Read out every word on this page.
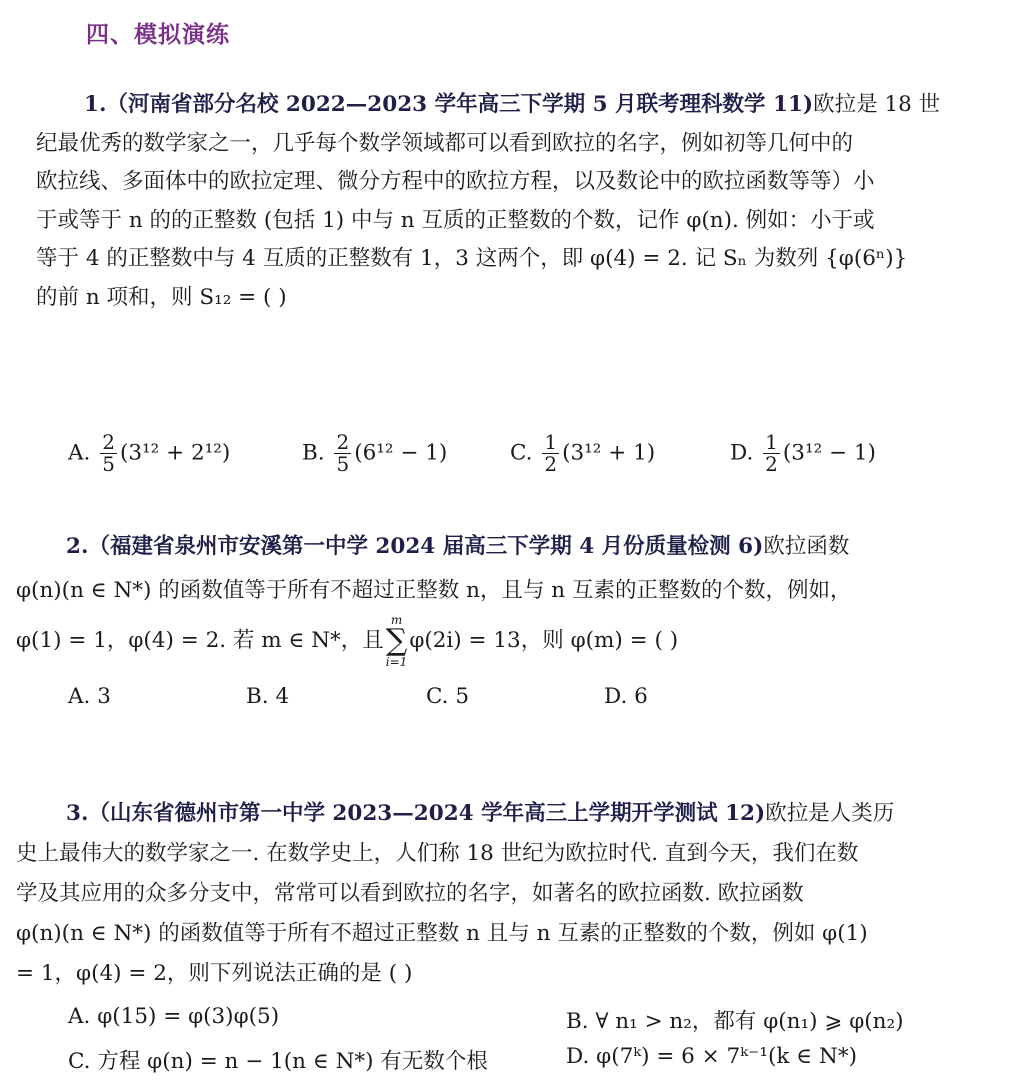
四、模拟演练
1.（河南省部分名校 2022—2023 学年高三下学期 5 月联考理科数学 11)欧拉是 18 世
纪最优秀的数学家之一，几乎每个数学领域都可以看到欧拉的名字，例如初等几何中的
欧拉线、多面体中的欧拉定理、微分方程中的欧拉方程，以及数论中的欧拉函数等等）小
于或等于 n 的的正整数 (包括 1) 中与 n 互质的正整数的个数，记作 φ(n). 例如：小于或
等于 4 的正整数中与 4 互质的正整数有 1，3 这两个，即 φ(4) = 2. 记 Sₙ 为数列 {φ(6ⁿ)}
的前 n 项和，则 S₁₂ = ( )
A. $\frac{2}{5} (3^{12} + 2^{12})$	B. $\frac{2}{5} (6^{12} - 1)$	C. $\frac{1}{2} (3^{12} + 1)$	D. $\frac{1}{2} (3^{12} - 1)$
2.（福建省泉州市安溪第一中学 2024 届高三下学期 4 月份质量检测 6)欧拉函数
φ(n)(n ∈ N*) 的函数值等于所有不超过正整数 n，且与 n 互素的正整数的个数，例如，
φ(1) = 1，φ(4) = 2. 若 m ∈ N*，且
m
∑
i=1
φ(2i) = 13，则 φ(m) = ( )
A. 3	B. 4	C. 5	D. 6
3.（山东省德州市第一中学 2023—2024 学年高三上学期开学测试 12)欧拉是人类历
史上最伟大的数学家之一. 在数学史上，人们称 18 世纪为欧拉时代. 直到今天，我们在数
学及其应用的众多分支中，常常可以看到欧拉的名字，如著名的欧拉函数. 欧拉函数
φ(n)(n ∈ N*) 的函数值等于所有不超过正整数 n 且与 n 互素的正整数的个数，例如 φ(1)
= 1，φ(4) = 2，则下列说法正确的是 ( )
A. φ(15) = φ(3)φ(5)	B. ∀ n₁ > n₂，都有 φ(n₁) ⩾ φ(n₂)
C. 方程 φ(n) = n − 1(n ∈ N*) 有无数个根	D. φ(7ᵏ) = 6 × 7ᵏ⁻¹(k ∈ N*)
